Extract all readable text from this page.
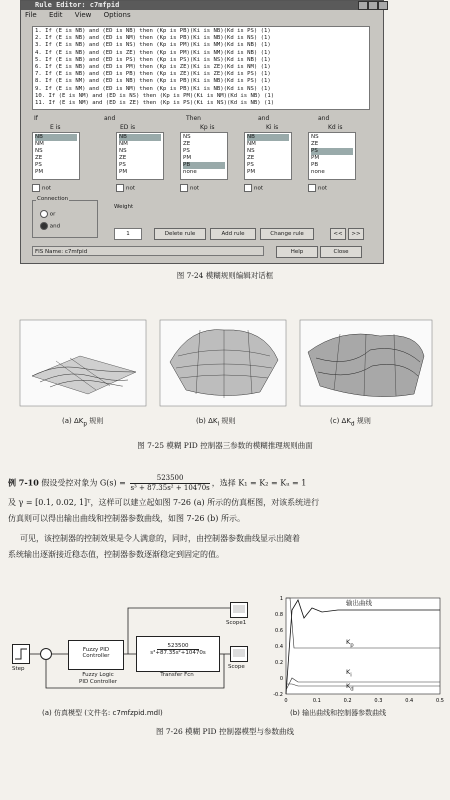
Rule Editor: c7mfpid
File Edit View Options
1. If (E is NB) and (ED is NB) then (Kp is PB)(Ki is NB)(Kd is PS) (1)
2. If (E is NB) and (ED is NM) then (Kp is PB)(Ki is NB)(Kd is NS) (1)
3. If (E is NB) and (ED is NS) then (Kp is PM)(Ki is NM)(Kd is NB) (1)
4. If (E is NB) and (ED is ZE) then (Kp is PM)(Ki is NM)(Kd is NB) (1)
5. If (E is NB) and (ED is PS) then (Kp is PS)(Ki is NS)(Kd is NB) (1)
6. If (E is NB) and (ED is PM) then (Kp is ZE)(Ki is ZE)(Kd is NM) (1)
7. If (E is NB) and (ED is PB) then (Kp is ZE)(Ki is ZE)(Kd is PS) (1)
8. If (E is NM) and (ED is NB) then (Kp is PB)(Ki is NB)(Kd is PS) (1)
9. If (E is NM) and (ED is NM) then (Kp is PB)(Ki is NB)(Kd is NS) (1)
10. If (E is NM) and (ED is NS) then (Kp is PM)(Ki is NM)(Kd is NB) (1)
11. If (E is NM) and (ED is ZE) then (Kp is PS)(Ki is NS)(Kd is NB) (1)
If	and	Then	and	and
E is	ED is	Kp is	Ki is	Kd is
NB
NM
NS
ZE
PS
PM
NB
NM
NS
ZE
PS
PM
NS
ZE
PS
PM
PB
none
NB
NM
NS
ZE
PS
PM
NS
ZE
PS
PM
PB
none
not	not	not	not	not
Connection
or
and
Weight
1	Delete rule	Add rule	Change rule	<<	>>
FIS Name: c7mfpid	Help	Close
图 7-24 模糊规则编辑对话框
(a) $\Delta K_p$ 规则	(b) $\Delta K_i$ 规则	(c) $\Delta K_d$ 规则
图 7-25 模糊 PID 控制器三参数的模糊推理规则曲面
例 7-10 假设受控对象为 $G(s) = \frac{523500}{\text{s³ + 87.35s² + 10470s}}$ ，选择 K₁ = K₂ = Kᵤ = 1
及 γ = [0.1, 0.02, 1]ᵀ，这样可以建立起如图 7-26 (a) 所示的仿真框图，对该系统进行
仿真则可以得出输出曲线和控制器参数曲线，如图 7-26 (b) 所示。
可见，该控制器的控制效果是令人满意的，同时，由控制器参数曲线显示出随着
系统输出逐渐接近稳态值，控制器参数逐渐稳定到固定的值。
Step
Fuzzy PID
Controller
Fuzzy Logic
PID Controller
523500
s³+87.35s²+10470s
Transfer Fcn
Scope1
Scope
1
0.8
0.6
0.4
0.2
0
-0.2
0	0.1	0.2	0.3	0.4	0.5
输出曲线
$K_p$
$K_i$
$K_d$
(a) 仿真模型 (文件名: c7mfzpid.mdl)	(b) 输出曲线和控制器参数曲线
图 7-26 模糊 PID 控制器模型与参数曲线
